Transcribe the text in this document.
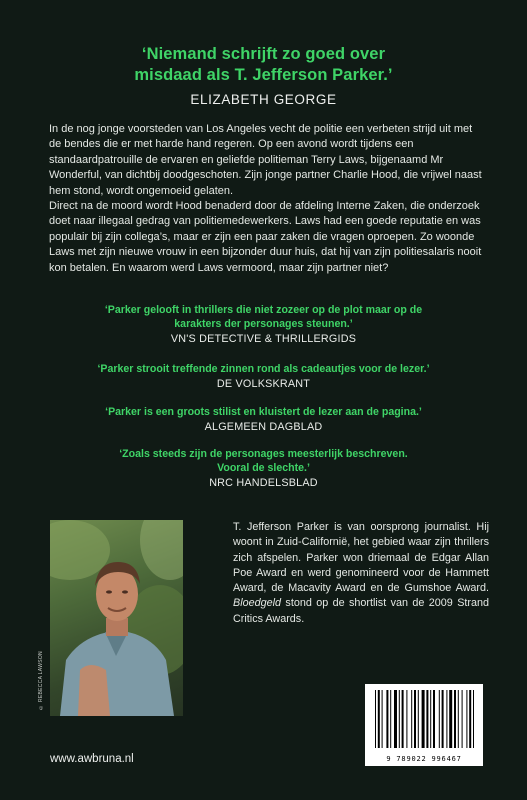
‘Niemand schrijft zo goed over
misdaad als T. Jefferson Parker.’
ELIZABETH GEORGE

In de nog jonge voorsteden van Los Angeles vecht de politie een verbeten strijd uit met de bendes die er met harde hand regeren. Op een avond wordt tijdens een standaardpatrouille de ervaren en geliefde politieman Terry Laws, bijgenaamd Mr Wonderful, van dichtbij doodgeschoten. Zijn jonge partner Charlie Hood, die vrijwel naast hem stond, wordt ongemoeid gelaten.

Direct na de moord wordt Hood benaderd door de afdeling Interne Zaken, die onderzoek doet naar illegaal gedrag van politiemedewerkers. Laws had een goede reputatie en was populair bij zijn collega’s, maar er zijn een paar zaken die vragen oproepen. Zo woonde Laws met zijn nieuwe vrouw in een bijzonder duur huis, dat hij van zijn politiesalaris nooit kon betalen. En waarom werd Laws vermoord, maar zijn partner niet?

‘Parker gelooft in thrillers die niet zozeer op de plot maar op de
karakters der personages steunen.’
VN'S DETECTIVE & THRILLERGIDS
‘Parker strooit treffende zinnen rond als cadeautjes voor de lezer.’
DE VOLKSKRANT
‘Parker is een groots stilist en kluistert de lezer aan de pagina.’
ALGEMEEN DAGBLAD
‘Zoals steeds zijn de personages meesterlijk beschreven.
Vooral de slechte.’
NRC HANDELSBLAD
© REBECCA LAWSON
T. Jefferson Parker is van oorsprong journalist. Hij woont in Zuid-Californië, het gebied waar zijn thrillers zich afspelen. Parker won driemaal de Edgar Allan Poe Award en werd genomineerd voor de Hammett Award, de Macavity Award en de Gumshoe Award. Bloedgeld stond op de shortlist van de 2009 Strand Critics Awards.
www.awbruna.nl	9 789022 996467
